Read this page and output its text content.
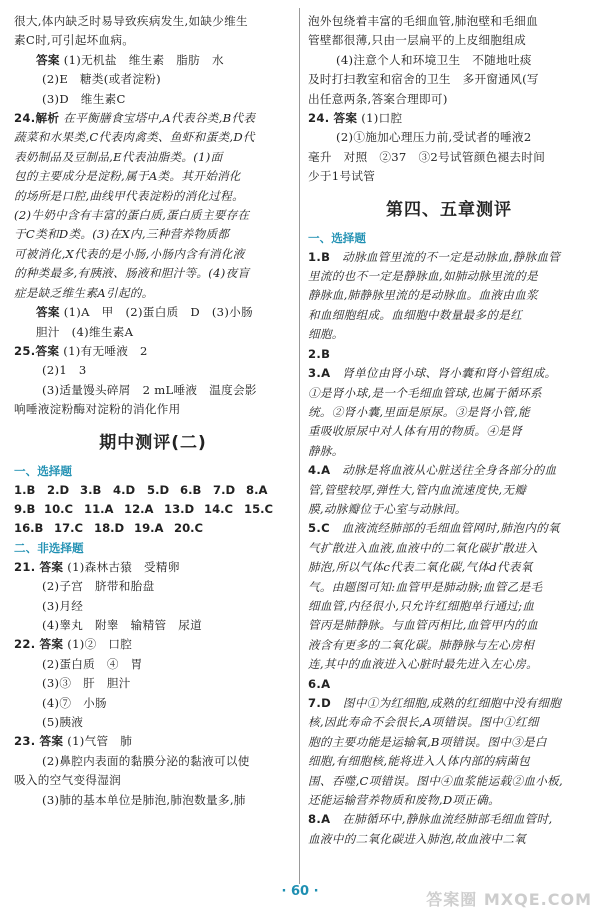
很大,体内缺乏时易导致疾病发生,如缺少维生

素C时,可引起坏血病。

答案 (1)无机盐　维生素　脂肪　水

(2)E　糖类(或者淀粉)

(3)D　维生素C

24.解析 在平衡膳食宝塔中,A代表谷类,B代表

蔬菜和水果类,C代表肉禽类、鱼虾和蛋类,D代

表奶制品及豆制品,E代表油脂类。(1)面

包的主要成分是淀粉,属于A类。其开始消化

的场所是口腔,曲线甲代表淀粉的消化过程。

(2)牛奶中含有丰富的蛋白质,蛋白质主要存在

于C类和D类。(3)在X内,三种营养物质都

可被消化,X代表的是小肠,小肠内含有消化液

的种类最多,有胰液、肠液和胆汁等。(4)夜盲

症是缺乏维生素A引起的。

答案 (1)A　甲　(2)蛋白质　D　(3)小肠

胆汁　(4)维生素A

25.答案 (1)有无唾液　2

(2)1　3

(3)适量馒头碎屑　2 mL唾液　温度会影

响唾液淀粉酶对淀粉的消化作用

期中测评(二)
一、选择题
1.B	2.D 3.B	4.D	5.D 6.B	7.D 8.A
9.B 10.C 11.A 12.A 13.D 14.C 15.C
16.B 17.C 18.D 19.A 20.C
二、非选择题

21. 答案 (1)森林古猿　受精卵

(2)子宫　脐带和胎盘

(3)月经

(4)睾丸　附睾　输精管　尿道

22. 答案 (1)②　口腔

(2)蛋白质　④　胃

(3)③　肝　胆汁

(4)⑦　小肠

(5)胰液

23. 答案 (1)气管　肺

(2)鼻腔内表面的黏膜分泌的黏液可以使

吸入的空气变得湿润

(3)肺的基本单位是肺泡,肺泡数量多,肺

泡外包绕着丰富的毛细血管,肺泡壁和毛细血

管壁都很薄,只由一层扁平的上皮细胞组成

(4)注意个人和环境卫生　不随地吐痰

及时打扫教室和宿舍的卫生　多开窗通风(写

出任意两条,答案合理即可)

24. 答案 (1)口腔

(2)①施加心理压力前,受试者的唾液2

毫升　对照　②37　③2号试管颜色褪去时间

少于1号试管

第四、五章测评
一、选择题

1.B　 动脉血管里流的不一定是动脉血,静脉血管

里流的也不一定是静脉血,如肺动脉里流的是

静脉血,肺静脉里流的是动脉血。血液由血浆

和血细胞组成。血细胞中数量最多的是红

细胞。

2.B

3.A　 肾单位由肾小球、肾小囊和肾小管组成。

①是肾小球,是一个毛细血管球,也属于循环系

统。②肾小囊,里面是原尿。③是肾小管,能

重吸收原尿中对人体有用的物质。④是肾

静脉。

4.A　 动脉是将血液从心脏送往全身各部分的血

管,管壁较厚,弹性大,管内血流速度快,无瓣

膜,动脉瓣位于心室与动脉间。

5.C　 血液流经肺部的毛细血管网时,肺泡内的氧

气扩散进入血液,血液中的二氧化碳扩散进入

肺泡,所以气体c代表二氧化碳,气体d代表氧

气。由题图可知:血管甲是肺动脉;血管乙是毛

细血管,内径很小,只允许红细胞单行通过;血

管丙是肺静脉。与血管丙相比,血管甲内的血

液含有更多的二氧化碳。肺静脉与左心房相

连,其中的血液进入心脏时最先进入左心房。

6.A

7.D　 图中①为红细胞,成熟的红细胞中没有细胞

核,因此寿命不会很长,A项错误。图中①红细

胞的主要功能是运输氧,B项错误。图中③是白

细胞,有细胞核,能将进入人体内部的病菌包

围、吞噬,C项错误。图中④血浆能运载②血小板,

还能运输营养物质和废物,D项正确。

8.A　 在肺循环中,静脉血流经肺部毛细血管时,

血液中的二氧化碳进入肺泡,故血液中二氧

· 60 ·	答案圈 MXQE.COM
